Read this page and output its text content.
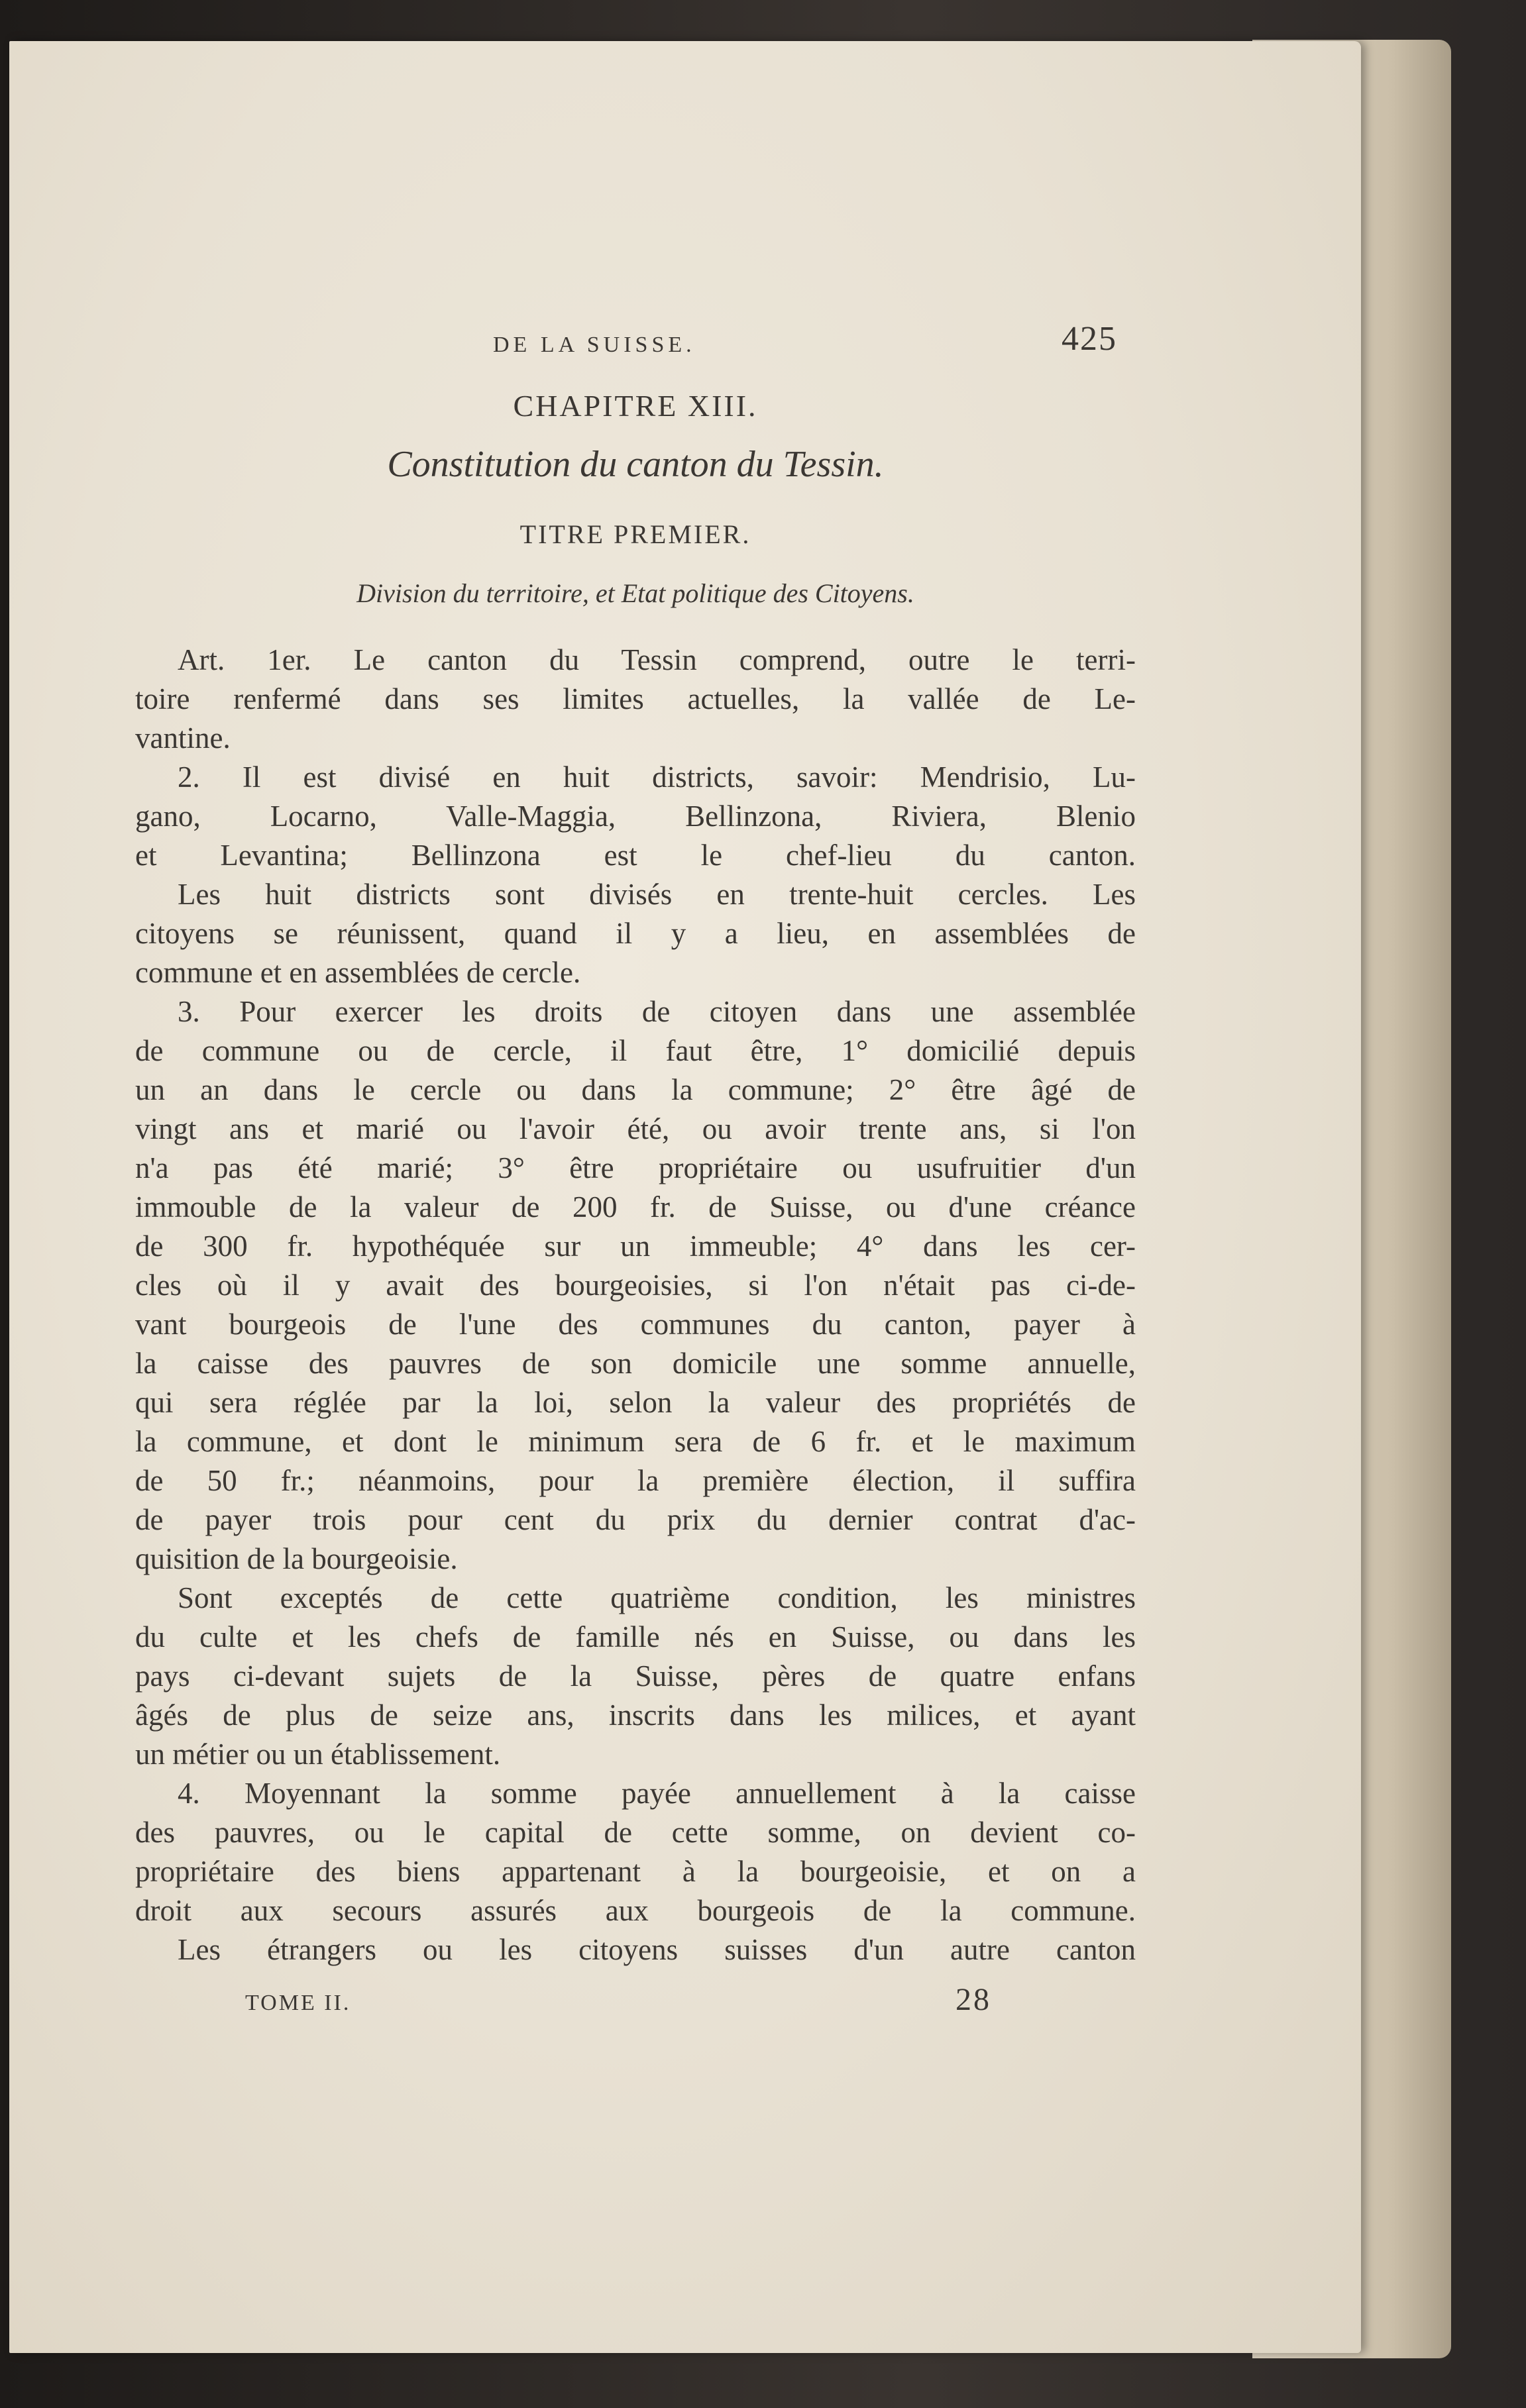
DE LA SUISSE.	425
CHAPITRE XIII.
Constitution du canton du Tessin.
TITRE PREMIER.
Division du territoire, et Etat politique des Citoyens.
Art. 1er. Le canton du Tessin comprend, outre le terri-
toire renfermé dans ses limites actuelles, la vallée de Le-
vantine.
2. Il est divisé en huit districts, savoir: Mendrisio, Lu-
gano, Locarno, Valle-Maggia, Bellinzona, Riviera, Blenio
et Levantina; Bellinzona est le chef-lieu du canton.
Les huit districts sont divisés en trente-huit cercles. Les
citoyens se réunissent, quand il y a lieu, en assemblées de
commune et en assemblées de cercle.
3. Pour exercer les droits de citoyen dans une assemblée
de commune ou de cercle, il faut être, 1° domicilié depuis
un an dans le cercle ou dans la commune; 2° être âgé de
vingt ans et marié ou l'avoir été, ou avoir trente ans, si l'on
n'a pas été marié; 3° être propriétaire ou usufruitier d'un
immouble de la valeur de 200 fr. de Suisse, ou d'une créance
de 300 fr. hypothéquée sur un immeuble; 4° dans les cer-
cles où il y avait des bourgeoisies, si l'on n'était pas ci-de-
vant bourgeois de l'une des communes du canton, payer à
la caisse des pauvres de son domicile une somme annuelle,
qui sera réglée par la loi, selon la valeur des propriétés de
la commune, et dont le minimum sera de 6 fr. et le maximum
de 50 fr.; néanmoins, pour la première élection, il suffira
de payer trois pour cent du prix du dernier contrat d'ac-
quisition de la bourgeoisie.
Sont exceptés de cette quatrième condition, les ministres
du culte et les chefs de famille nés en Suisse, ou dans les
pays ci-devant sujets de la Suisse, pères de quatre enfans
âgés de plus de seize ans, inscrits dans les milices, et ayant
un métier ou un établissement.
4. Moyennant la somme payée annuellement à la caisse
des pauvres, ou le capital de cette somme, on devient co-
propriétaire des biens appartenant à la bourgeoisie, et on a
droit aux secours assurés aux bourgeois de la commune.
Les étrangers ou les citoyens suisses d'un autre canton
TOME II.	28
